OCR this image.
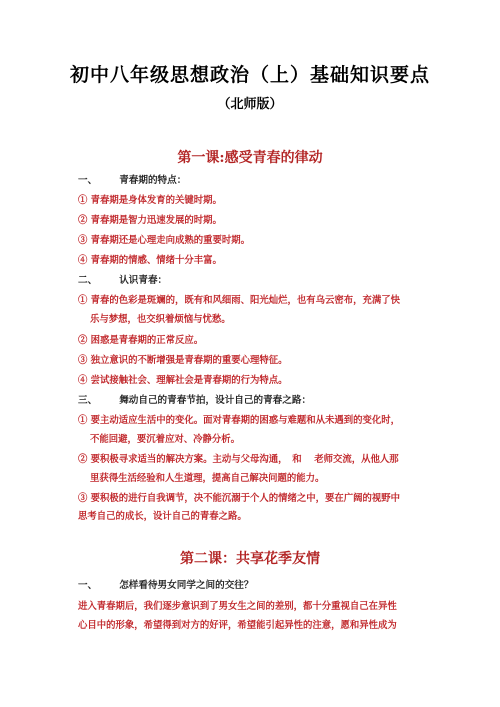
初中八年级思想政治（上）基础知识要点
（北师版）
第一课:感受青春的律动
一、 青春期的特点：
① 青春期是身体发育的关键时期。
② 青春期是智力迅速发展的时期。
③ 青春期还是心理走向成熟的重要时期。
④ 青春期的情感、情绪十分丰富。
二、 认识青春：
① 青春的色彩是斑斓的，既有和风细雨、阳光灿烂，也有乌云密布，充满了快
乐与梦想，也交织着烦恼与忧愁。
② 困惑是青春期的正常反应。
③ 独立意识的不断增强是青春期的重要心理特征。
④ 尝试接触社会、理解社会是青春期的行为特点。
三、 舞动自己的青春节拍，设计自己的青春之路：
① 要主动适应生活中的变化。面对青春期的困惑与难题和从未遇到的变化时，
不能回避，要沉着应对、冷静分析。
② 要积极寻求适当的解决方案。主动与父母沟通，　和　 老师交流，从他人那
里获得生活经验和人生道理，提高自己解决问题的能力。
③ 要积极的进行自我调节，决不能沉溺于个人的情绪之中，要在广阔的视野中
思考自己的成长，设计自己的青春之路。
第二课：共享花季友情
一、 怎样看待男女同学之间的交往？
进入青春期后，我们逐步意识到了男女生之间的差别，都十分重视自己在异性
心目中的形象，希望得到对方的好评，希望能引起异性的注意，愿和异性成为
